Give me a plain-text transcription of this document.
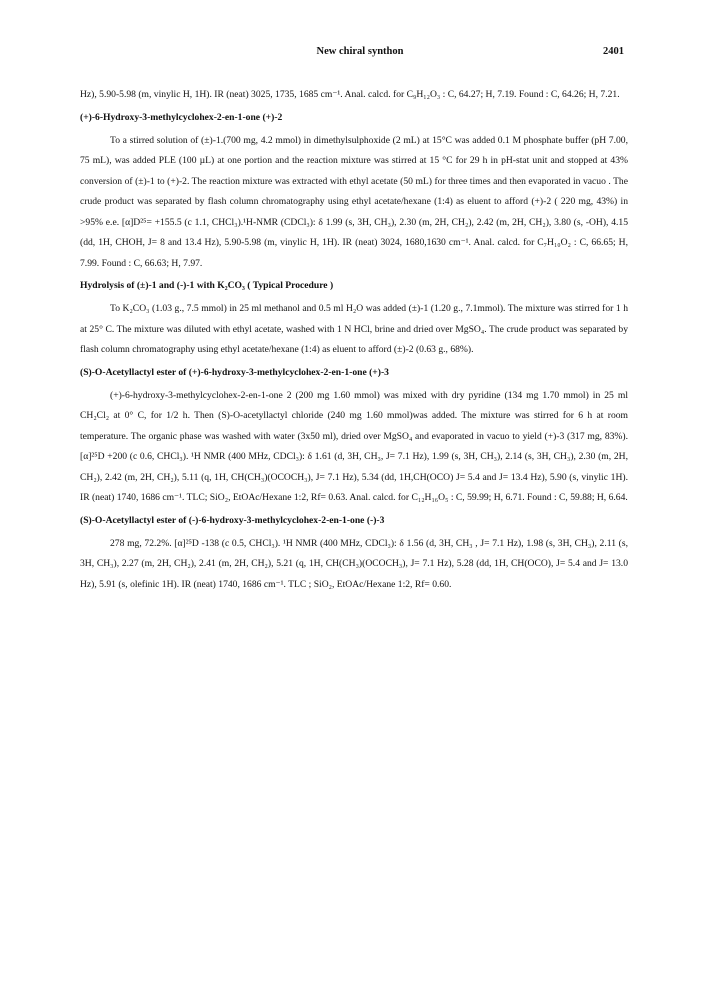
New chiral synthon	2401

Hz), 5.90-5.98 (m, vinylic H, 1H). IR (neat) 3025, 1735, 1685 cm⁻¹. Anal. calcd. for C₉H₁₂O₃ : C, 64.27; H, 7.19. Found : C, 64.26; H, 7.21.

(+)-6-Hydroxy-3-methylcyclohex-2-en-1-one (+)-2

To a stirred solution of (±)-1.(700 mg, 4.2 mmol) in dimethylsulphoxide (2 mL) at 15°C was added 0.1 M phosphate buffer (pH 7.00, 75 mL), was added PLE (100 µL) at one portion and the reaction mixture was stirred at 15 °C for 29 h in pH-stat unit and stopped at 43% conversion of (±)-1 to (+)-2. The reaction mixture was extracted with ethyl acetate (50 mL) for three times and then evaporated in vacuo . The crude product was separated by flash column chromatography using ethyl acetate/hexane (1:4) as eluent to afford (+)-2 ( 220 mg, 43%) in >95% e.e. [α]D²⁵= +155.5 (c 1.1, CHCl₃).¹H-NMR (CDCl₃): δ 1.99 (s, 3H, CH₃), 2.30 (m, 2H, CH₂), 2.42 (m, 2H, CH₂), 3.80 (s, -OH), 4.15 (dd, 1H, CHOH, J= 8 and 13.4 Hz), 5.90-5.98 (m, vinylic H, 1H). IR (neat) 3024, 1680,1630 cm⁻¹. Anal. calcd. for C₇H₁₀O₂ : C, 66.65; H, 7.99. Found : C, 66.63; H, 7.97.

Hydrolysis of (±)-1 and (-)-1 with K₂CO₃ ( Typical Procedure )

To K₂CO₃ (1.03 g., 7.5 mmol) in 25 ml methanol and 0.5 ml H₂O was added (±)-1 (1.20 g., 7.1mmol). The mixture was stirred for 1 h at 25° C. The mixture was diluted with ethyl acetate, washed with 1 N HCl, brine and dried over MgSO₄. The crude product was separated by flash column chromatography using ethyl acetate/hexane (1:4) as eluent to afford (±)-2 (0.63 g., 68%).

(S)-O-Acetyllactyl ester of (+)-6-hydroxy-3-methylcyclohex-2-en-1-one (+)-3

(+)-6-hydroxy-3-methylcyclohex-2-en-1-one 2 (200 mg 1.60 mmol) was mixed with dry pyridine (134 mg 1.70 mmol) in 25 ml CH₂Cl₂ at 0° C, for 1/2 h. Then (S)-O-acetyllactyl chloride (240 mg 1.60 mmol)was added. The mixture was stirred for 6 h at room temperature. The organic phase was washed with water (3x50 ml), dried over MgSO₄ and evaporated in vacuo to yield (+)-3 (317 mg, 83%). [α]²⁵D +200 (c 0.6, CHCl₃). ¹H NMR (400 MHz, CDCl₃): δ 1.61 (d, 3H, CH₃, J= 7.1 Hz), 1.99 (s, 3H, CH₃), 2.14 (s, 3H, CH₃), 2.30 (m, 2H, CH₂), 2.42 (m, 2H, CH₂), 5.11 (q, 1H, CH(CH₃)(OCOCH₃), J= 7.1 Hz), 5.34 (dd, 1H,CH(OCO) J= 5.4 and J= 13.4 Hz), 5.90 (s, vinylic 1H). IR (neat) 1740, 1686 cm⁻¹. TLC; SiO₂, EtOAc/Hexane 1:2, Rf= 0.63. Anal. calcd. for C₁₂H₁₆O₅ : C, 59.99; H, 6.71. Found : C, 59.88; H, 6.64.

(S)-O-Acetyllactyl ester of (-)-6-hydroxy-3-methylcyclohex-2-en-1-one (-)-3

278 mg, 72.2%. [α]²⁵D -138 (c 0.5, CHCl₃). ¹H NMR (400 MHz, CDCl₃): δ 1.56 (d, 3H, CH₃ , J= 7.1 Hz), 1.98 (s, 3H, CH₃), 2.11 (s, 3H, CH₃), 2.27 (m, 2H, CH₂), 2.41 (m, 2H, CH₂), 5.21 (q, 1H, CH(CH₃)(OCOCH₃), J= 7.1 Hz), 5.28 (dd, 1H, CH(OCO), J= 5.4 and J= 13.0 Hz), 5.91 (s, olefinic 1H). IR (neat) 1740, 1686 cm⁻¹. TLC ; SiO₂, EtOAc/Hexane 1:2, Rf= 0.60.
